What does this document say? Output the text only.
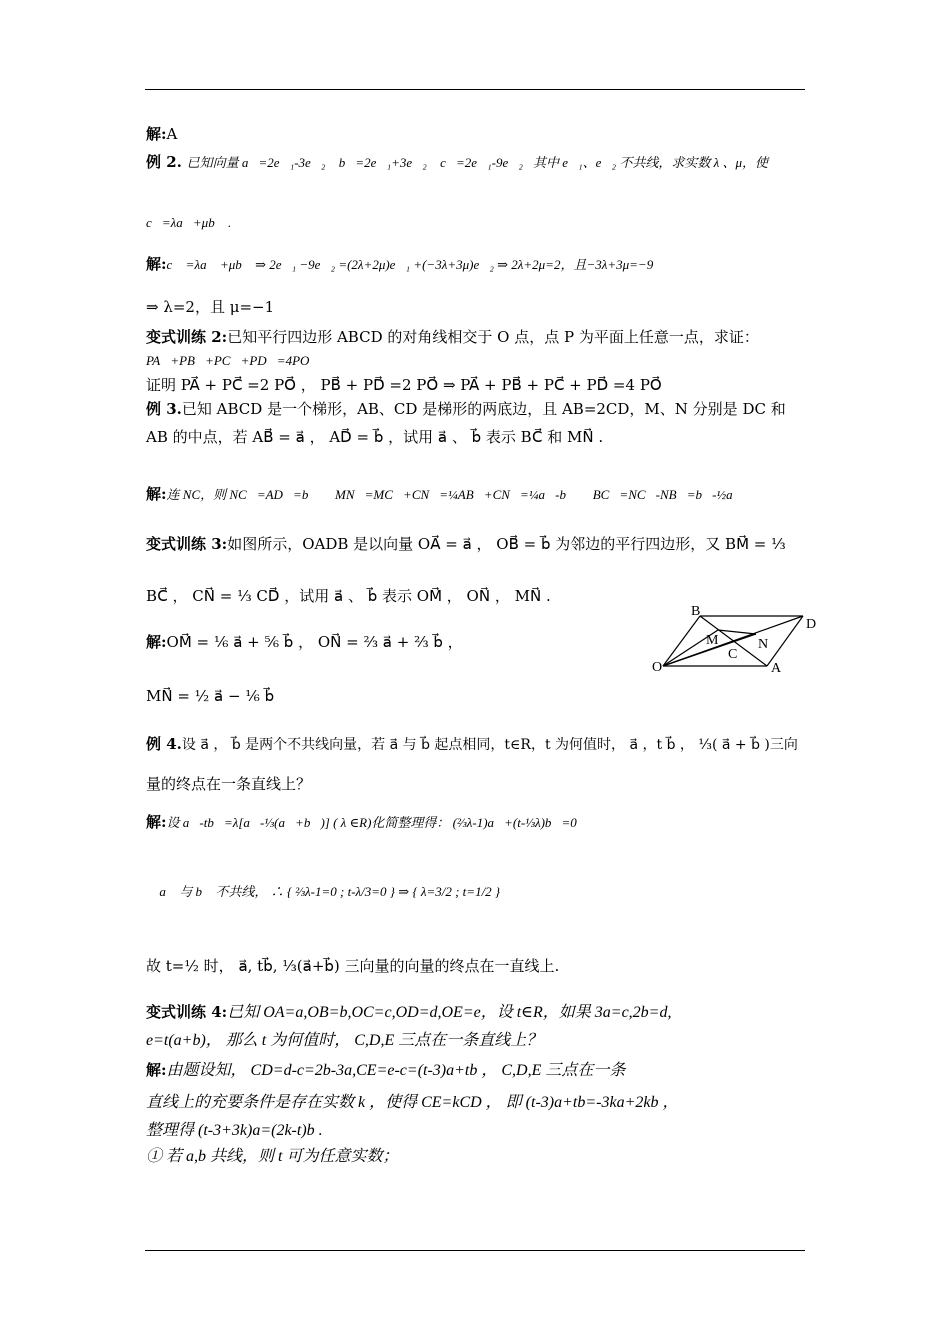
解:A
例 2. 已知向量 a⃗=2e⃗₁-3e⃗₂， b⃗=2e⃗₁+3e⃗₂， c⃗=2e⃗₁-9e⃗₂，其中 e⃗₁、e⃗₂ 不共线，求实数 λ 、μ，使
c⃗=λa⃗+μb⃗ .
解:c⃗ =λa⃗ +μb⃗ ⇒ 2e⃗₁ −9e⃗₂ =(2λ+2μ)e⃗₁ +(−3λ+3μ)e⃗₂ ⇒ 2λ+2μ=2，且−3λ+3μ=−9
⇒ λ=2，且 μ=−1
变式训练 2:已知平行四边形 ABCD 的对角线相交于 O 点，点 P 为平面上任意一点，求证：
PA⃗+PB⃗+PC⃗+PD⃗=4PO⃗
证明 PA⃗ + PC⃗ =2 PO⃗ ， PB⃗ + PD⃗ =2 PO⃗ ⇒ PA⃗ + PB⃗ + PC⃗ + PD⃗ =4 PO⃗
例 3.已知 ABCD 是一个梯形，AB、CD 是梯形的两底边，且 AB=2CD，M、N 分别是 DC 和
AB 的中点，若 AB⃗ = a⃗ ， AD⃗ = b⃗ ，试用 a⃗ 、 b⃗ 表示 BC⃗ 和 MN⃗ .
解:连 NC，则 NC⃗=AD⃗=b⃗ ； MN⃗=MC⃗+CN⃗=¼AB⃗+CN⃗=¼a⃗-b⃗ ； BC⃗=NC⃗-NB⃗=b⃗-½a⃗
变式训练 3:如图所示，OADB 是以向量 OA⃗ = a⃗ ， OB⃗ = b⃗ 为邻边的平行四边形，又 BM⃗ = ⅓
BC⃗ ， CN⃗ = ⅓ CD⃗ ，试用 a⃗ 、 b⃗ 表示 OM⃗ ， ON⃗ ， MN⃗ .
解:OM⃗ = ⅙ a⃗ + ⅚ b⃗ ， ON⃗ = ⅔ a⃗ + ⅔ b⃗ ，
MN⃗ = ½ a⃗ − ⅙ b⃗
例 4.设 a⃗ ， b⃗ 是两个不共线向量，若 a⃗ 与 b⃗ 起点相同，t∈R，t 为何值时， a⃗ ，t b⃗ ， ⅓( a⃗ + b⃗ )三向
量的终点在一条直线上？
解:设 a⃗-tb⃗=λ[a⃗-⅓(a⃗+b⃗)] ( λ ∈R)化简整理得： (⅔λ-1)a⃗+(t-⅓λ)b⃗=0⃗
∵ a⃗ 与 b⃗ 不共线， ∴ { ⅔λ-1=0 ; t-λ/3=0 } ⇒ { λ=3/2 ; t=1/2 }
故 t=½ 时， a⃗, tb⃗, ⅓(a⃗+b⃗) 三向量的向量的终点在一直线上.
变式训练 4:已知 OA=a,OB=b,OC=c,OD=d,OE=e，设 t∈R，如果 3a=c,2b=d,
e=t(a+b)， 那么 t 为何值时， C,D,E 三点在一条直线上？
解:由题设知， CD=d-c=2b-3a,CE=e-c=(t-3)a+tb ， C,D,E 三点在一条
直线上的充要条件是存在实数 k ，使得 CE=kCD ， 即 (t-3)a+tb=-3ka+2kb ，
整理得 (t-3+3k)a=(2k-t)b .
① 若 a,b 共线，则 t 可为任意实数；
O	A
B
D
M	N
C
